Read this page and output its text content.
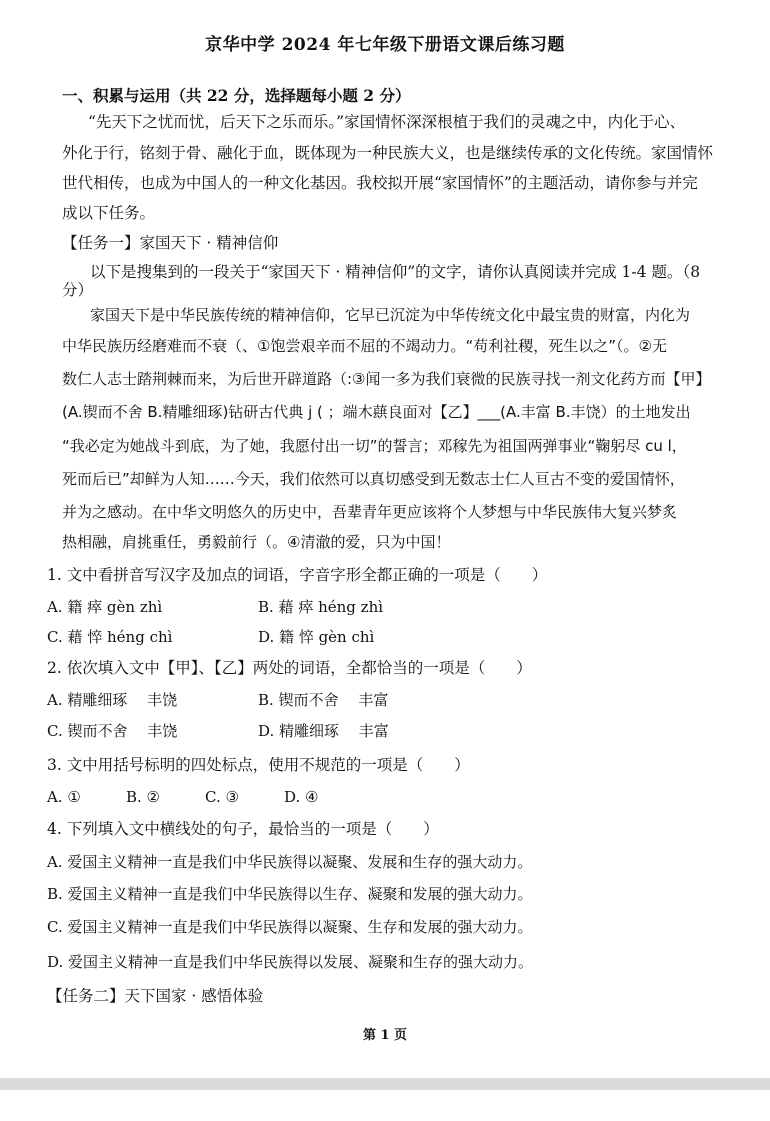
京华中学 2024 年七年级下册语文课后练习题
一、积累与运用（共 22 分，选择题每小题 2 分）
“先天下之忧而忧，后天下之乐而乐。”家国情怀深深根植于我们的灵魂之中，内化于心、
外化于行，铭刻于骨、融化于血，既体现为一种民族大义，也是继续传承的文化传统。家国情怀
世代相传，也成为中国人的一种文化基因。我校拟开展“家国情怀”的主题活动，请你参与并完
成以下任务。
【任务一】家国天下 · 精神信仰
以下是搜集到的一段关于“家国天下 · 精神信仰”的文字，请你认真阅读并完成 1-4 题。（8
分）
家国天下是中华民族传统的精神信仰，它早已沉淀为中华传统文化中最宝贵的财富，内化为
中华民族历经磨难而不衰（、①饱尝艰辛而不屈的不竭动力。“苟利社稷，死生以之”（。②无
数仁人志士踏荆棘而来，为后世开辟道路（:③闻一多为我们衰微的民族寻找一剂文化药方而【甲】
(A.锲而不舍 B.精雕细琢)钻研古代典 j ( ；端木蕻良面对【乙】___(A.丰富 B.丰饶）的土地发出
“我必定为她战斗到底，为了她，我愿付出一切”的誓言；邓稼先为祖国两弹事业“鞠躬尽 cu l，
死而后已”却鲜为人知……今天，我们依然可以真切感受到无数志士仁人亘古不变的爱国情怀，
并为之感动。在中华文明悠久的历史中，吾辈青年更应该将个人梦想与中华民族伟大复兴梦炙
热相融，肩挑重任，勇毅前行（。④清澈的爱，只为中国！
1. 文中看拼音写汉字及加点的词语，字音字形全都正确的一项是（　　）
A. 籍 瘁 gèn zhì	B. 藉 瘁 héng zhì
C. 藉 悴 héng chì	D. 籍 悴 gèn chì
2. 依次填入文中【甲】、【乙】两处的词语，全都恰当的一项是（　　）
A. 精雕细琢　 丰饶	B. 锲而不舍　 丰富
C. 锲而不舍　 丰饶	D. 精雕细琢　 丰富
3. 文中用括号标明的四处标点，使用不规范的一项是（　　）
A. ①	B. ②	C. ③	D. ④
4. 下列填入文中横线处的句子，最恰当的一项是（　　）
A. 爱国主义精神一直是我们中华民族得以凝聚、发展和生存的强大动力。
B. 爱国主义精神一直是我们中华民族得以生存、凝聚和发展的强大动力。
C. 爱国主义精神一直是我们中华民族得以凝聚、生存和发展的强大动力。
D. 爱国主义精神一直是我们中华民族得以发展、凝聚和生存的强大动力。
【任务二】天下国家 · 感悟体验
第 1 页
